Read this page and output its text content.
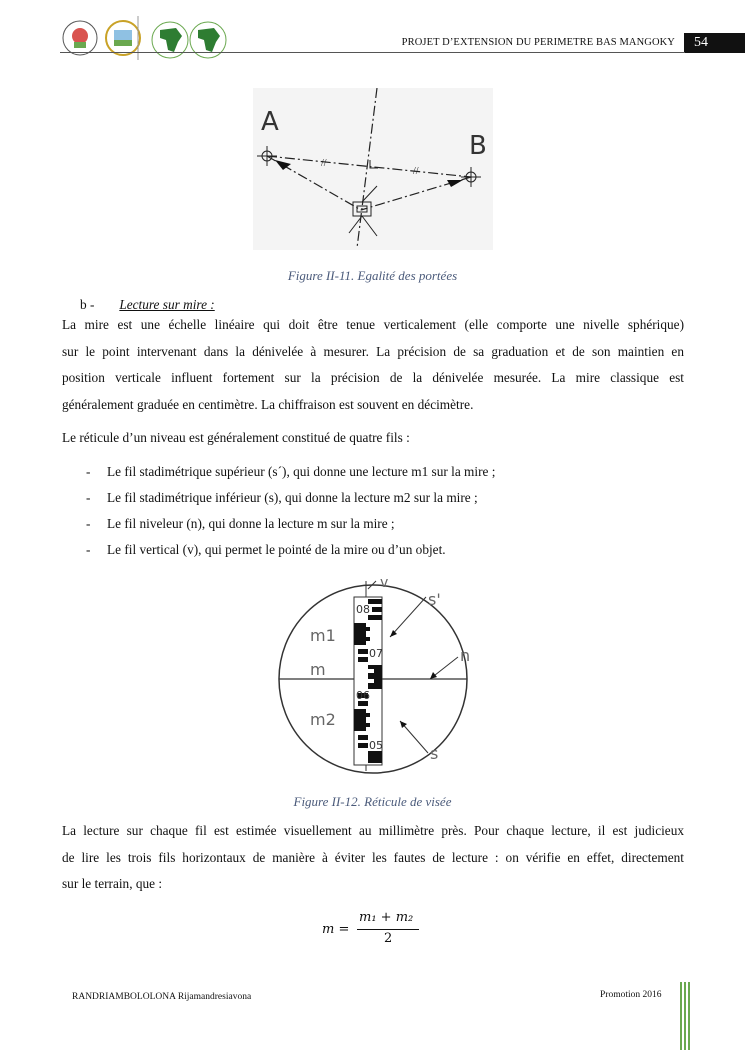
PROJET D’EXTENSION DU PERIMETRE BAS MANGOKY	54
A
B
//
//
Figure II-11. Egalité des portées
b - Lecture sur mire :
La mire est une échelle linéaire qui doit être tenue verticalement (elle comporte une nivelle sphérique)
sur le point intervenant dans la dénivelée à mesurer. La précision de sa graduation et de son maintien en
position verticale influent fortement sur la précision de la dénivelée mesurée. La mire classique est
généralement graduée en centimètre. La chiffraison est souvent en décimètre.
Le réticule d’un niveau est généralement constitué de quatre fils :
- Le fil stadimétrique supérieur (s´), qui donne une lecture m1 sur la mire ;
- Le fil stadimétrique inférieur (s), qui donne la lecture m2 sur la mire ;
- Le fil niveleur (n), qui donne la lecture m sur la mire ;
- Le fil vertical (v), qui permet le pointé de la mire ou d’un objet.
08
07
06
05
v
s'
m1
m
n
m2
s
Figure II-12. Réticule de visée
La lecture sur chaque fil est estimée visuellement au millimètre près. Pour chaque lecture, il est judicieux
de lire les trois fils horizontaux de manière à éviter les fautes de lecture : on vérifie en effet, directement
sur le terrain, que :
m =
m₁ + m₂
2
RANDRIAMBOLOLONA Rijamandresiavona	Promotion 2016
